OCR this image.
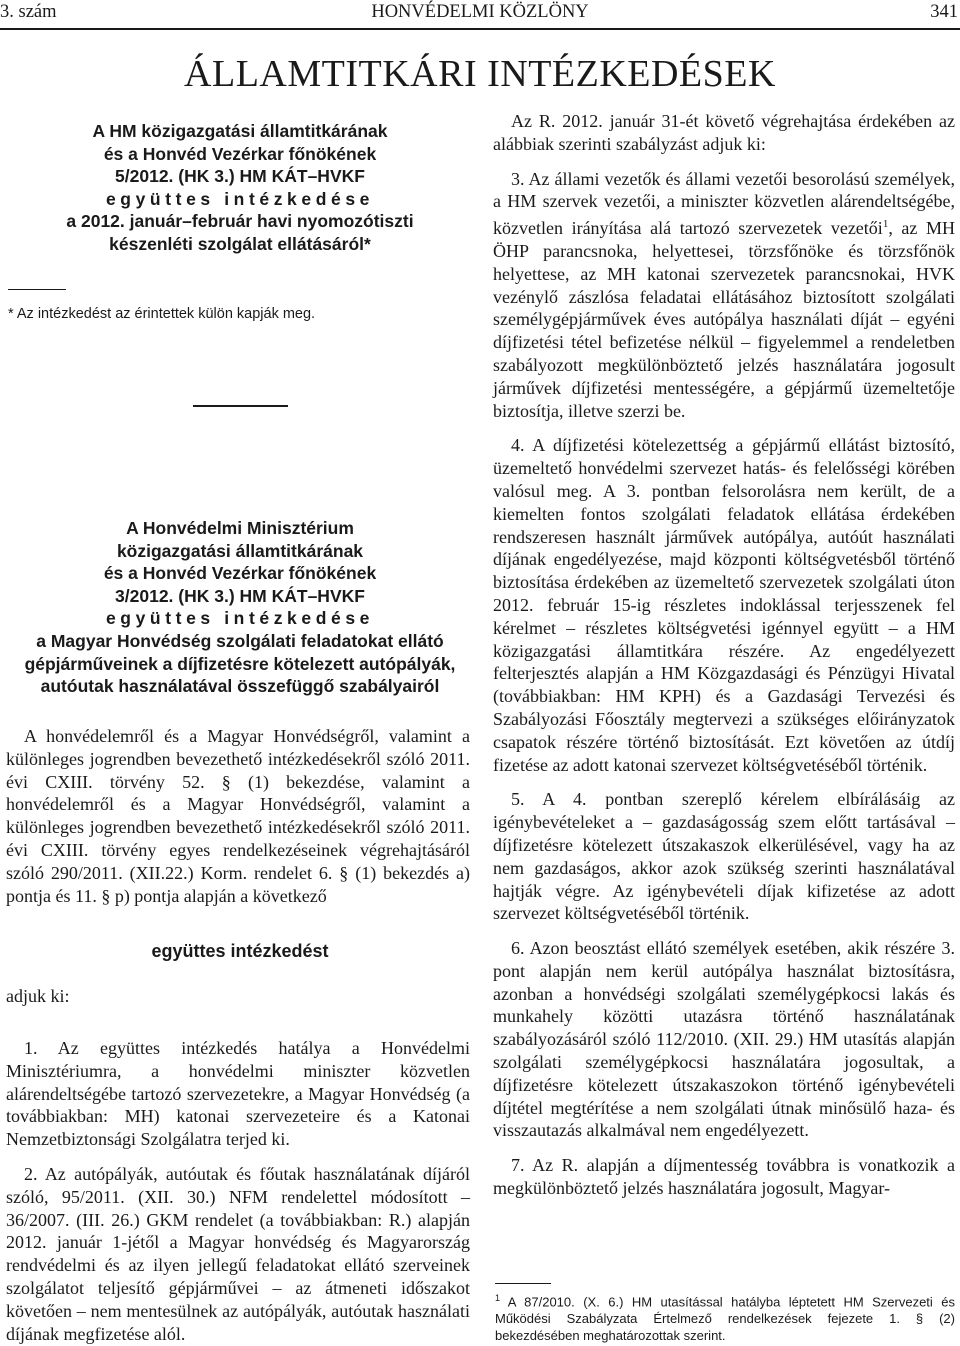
3. szám	HONVÉDELMI KÖZLÖNY	341
ÁLLAMTITKÁRI INTÉZKEDÉSEK
A HM közigazgatási államtitkárának
és a Honvéd Vezérkar főnökének
5/2012. (HK 3.) HM KÁT–HVKF
együttes intézkedése
a 2012. január–február havi nyomozótiszti
készenléti szolgálat ellátásáról*
* Az intézkedést az érintettek külön kapják meg.
A Honvédelmi Minisztérium
közigazgatási államtitkárának
és a Honvéd Vezérkar főnökének
3/2012. (HK 3.) HM KÁT–HVKF
együttes intézkedése
a Magyar Honvédség szolgálati feladatokat ellátó
gépjárműveinek a díjfizetésre kötelezett autópályák,
autóutak használatával összefüggő szabályairól

A honvédelemről és a Magyar Honvédségről, valamint a különleges jogrendben bevezethető intézkedésekről szóló 2011. évi CXIII. törvény 52. § (1) bekezdése, valamint a honvédelemről és a Magyar Honvédségről, valamint a különleges jogrendben bevezethető intézkedésekről szóló 2011. évi CXIII. törvény egyes rendelkezéseinek végrehajtásáról szóló 290/2011. (XII.22.) Korm. rendelet 6. § (1) bekezdés a) pontja és 11. § p) pontja alapján a következő

együttes intézkedést
adjuk ki:

1. Az együttes intézkedés hatálya a Honvédelmi Minisztériumra, a honvédelmi miniszter közvetlen alárendeltségébe tartozó szervezetekre, a Magyar Honvédség (a továbbiakban: MH) katonai szervezeteire és a Katonai Nemzetbiztonsági Szolgálatra terjed ki.

2. Az autópályák, autóutak és főutak használatának díjáról szóló, 95/2011. (XII. 30.) NFM rendelettel módosított – 36/2007. (III. 26.) GKM rendelet (a továbbiakban: R.) alapján 2012. január 1-jétől a Magyar honvédség és Magyarország rendvédelmi és az ilyen jellegű feladatokat ellátó szerveinek szolgálatot teljesítő gépjárművei – az átmeneti időszakot követően – nem mentesülnek az autópályák, autóutak használati díjának megfizetése alól.

Az R. 2012. január 31-ét követő végrehajtása érdekében az alábbiak szerinti szabályzást adjuk ki:

3. Az állami vezetők és állami vezetői besorolású személyek, a HM szervek vezetői, a miniszter közvetlen alárendeltségébe, közvetlen irányítása alá tartozó szervezetek vezetői$^1$, az MH ÖHP parancsnoka, helyettesei, törzsfőnöke és törzsfőnök helyettese, az MH katonai szervezetek parancsnokai, HVK vezénylő zászlósa feladatai ellátásához biztosított szolgálati személygépjárművek éves autópálya használati díját – egyéni díjfizetési tétel befizetése nélkül – figyelemmel a rendeletben szabályozott megkülönböztető jelzés használatára jogosult járművek díjfizetési mentességére, a gépjármű üzemeltetője biztosítja, illetve szerzi be.

4. A díjfizetési kötelezettség a gépjármű ellátást biztosító, üzemeltető honvédelmi szervezet hatás- és felelősségi körében valósul meg. A 3. pontban felsorolásra nem került, de a kiemelten fontos szolgálati feladatok ellátása érdekében rendszeresen használt járművek autópálya, autóút használati díjának engedélyezése, majd központi költségvetésből történő biztosítása érdekében az üzemeltető szervezetek szolgálati úton 2012. február 15-ig részletes indoklással terjesszenek fel kérelmet – részletes költségvetési igénnyel együtt – a HM közigazgatási államtitkára részére. Az engedélyezett felterjesztés alapján a HM Közgazdasági és Pénzügyi Hivatal (továbbiakban: HM KPH) és a Gazdasági Tervezési és Szabályozási Főosztály megtervezi a szükséges előirányzatok csapatok részére történő biztosítását. Ezt követően az útdíj fizetése az adott katonai szervezet költségvetéséből történik.

5. A 4. pontban szereplő kérelem elbírálásáig az igénybevételeket a – gazdaságosság szem előtt tartásával – díjfizetésre kötelezett útszakaszok elkerülésével, vagy ha az nem gazdaságos, akkor azok szükség szerinti használatával hajtják végre. Az igénybevételi díjak kifizetése az adott szervezet költségvetéséből történik.

6. Azon beosztást ellátó személyek esetében, akik részére 3. pont alapján nem kerül autópálya használat biztosításra, azonban a honvédségi szolgálati személygépkocsi lakás és munkahely közötti utazásra történő használatának szabályozásáról szóló 112/2010. (XII. 29.) HM utasítás alapján szolgálati személygépkocsi használatára jogosultak, a díjfizetésre kötelezett útszakaszokon történő igénybevételi díjtétel megtérítése a nem szolgálati útnak minősülő haza- és visszautazás alkalmával nem engedélyezett.

7. Az R. alapján a díjmentesség továbbra is vonatkozik a megkülönböztető jelzés használatára jogosult, Magyar-

$^1$ A 87/2010. (X. 6.) HM utasítással hatályba léptetett HM Szervezeti és Működési Szabályzata Értelmező rendelkezések fejezete 1. § (2) bekezdésében meghatározottak szerint.
